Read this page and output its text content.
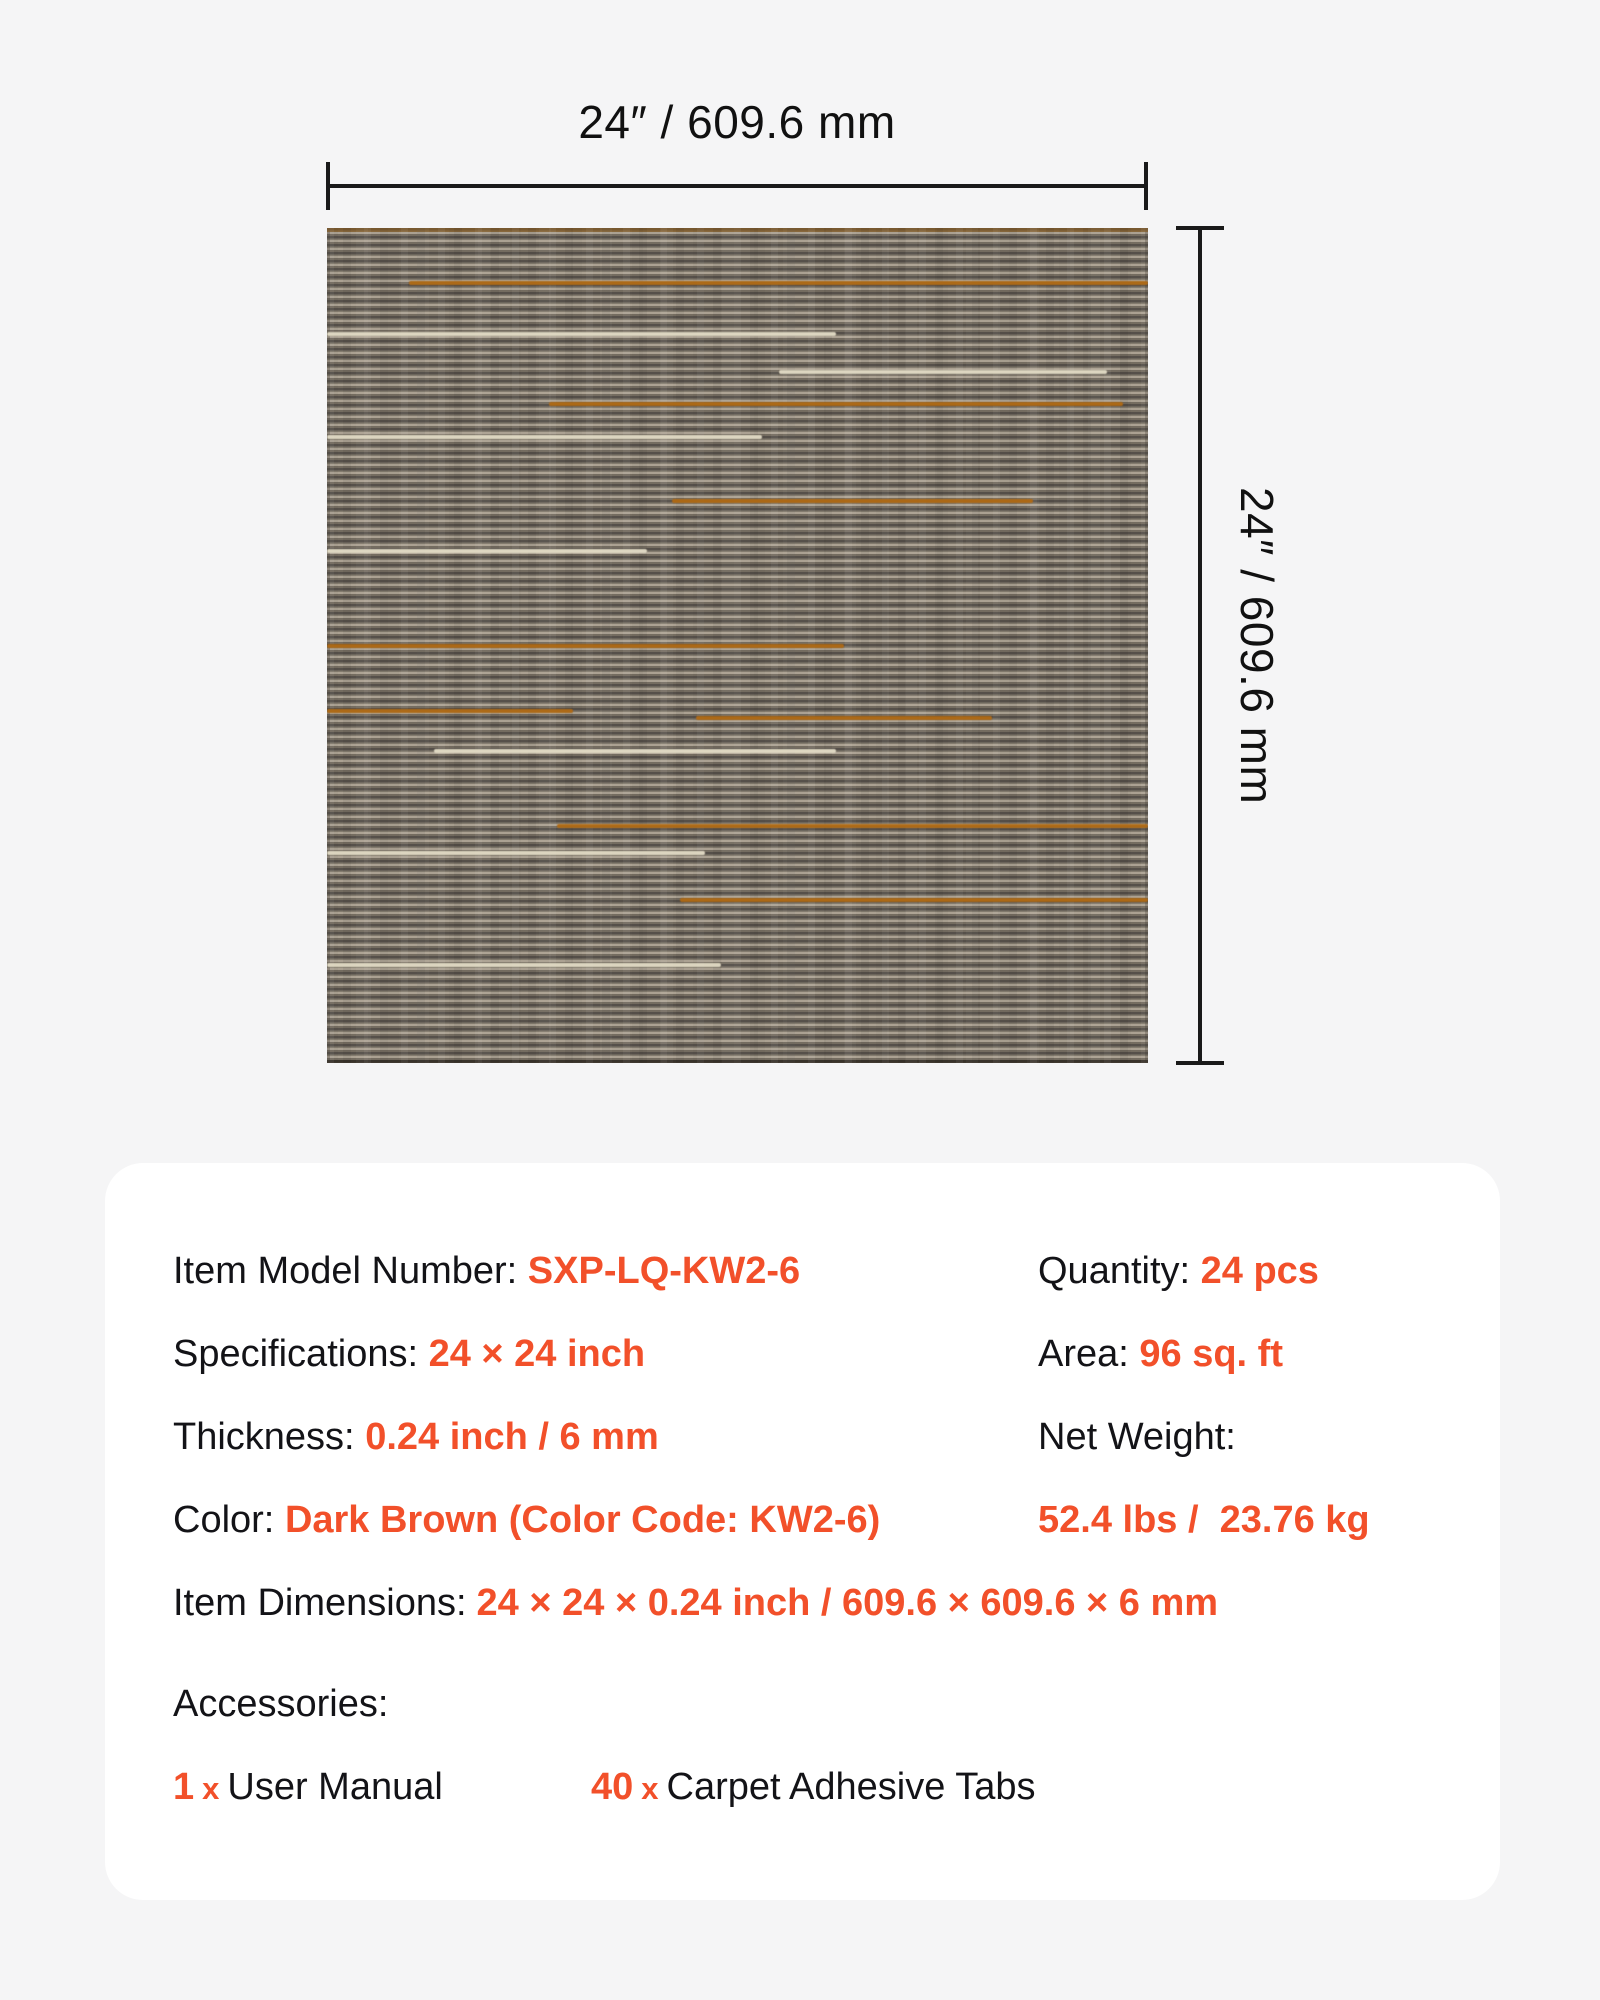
24″ / 609.6 mm
24″ / 609.6 mm
Item Model Number: SXP-LQ-KW2-6	Quantity: 24 pcs
Specifications: 24 × 24 inch	Area: 96 sq. ft
Thickness: 0.24 inch / 6 mm	Net Weight:
Color: Dark Brown (Color Code: KW2-6)	52.4 lbs /  23.76 kg
Item Dimensions: 24 × 24 × 0.24 inch / 609.6 × 609.6 × 6 mm
Accessories:
1 x User Manual	40 x Carpet Adhesive Tabs
